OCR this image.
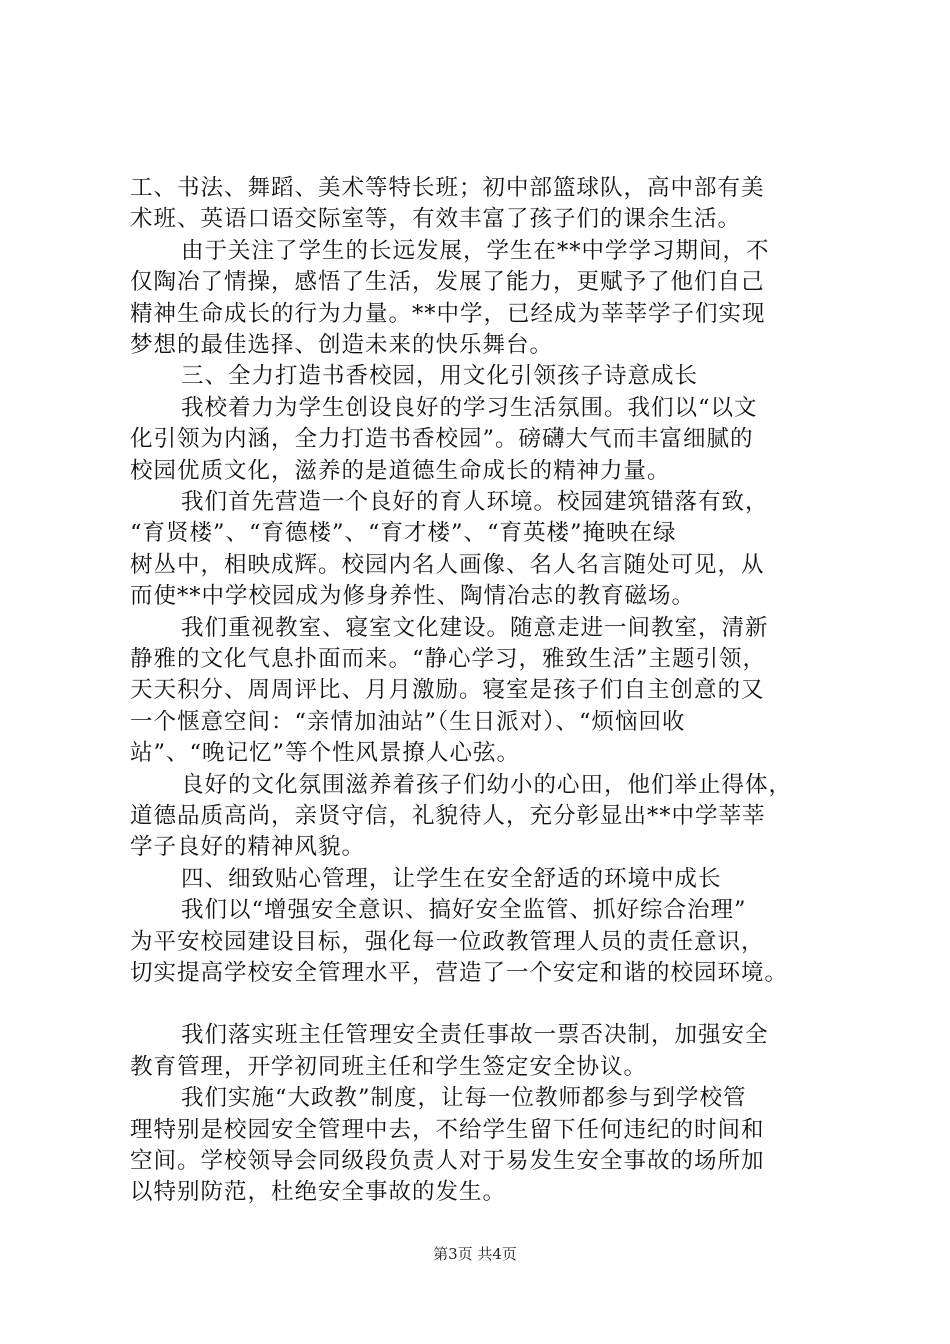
工、书法、舞蹈、美术等特长班；初中部篮球队，高中部有美
术班、英语口语交际室等，有效丰富了孩子们的课余生活。
由于关注了学生的长远发展，学生在**中学学习期间，不
仅陶冶了情操，感悟了生活，发展了能力，更赋予了他们自己
精神生命成长的行为力量。**中学，已经成为莘莘学子们实现
梦想的最佳选择、创造未来的快乐舞台。
三、全力打造书香校园，用文化引领孩子诗意成长
我校着力为学生创设良好的学习生活氛围。我们以“以文
化引领为内涵，全力打造书香校园”。磅礴大气而丰富细腻的
校园优质文化，滋养的是道德生命成长的精神力量。
我们首先营造一个良好的育人环境。校园建筑错落有致，
“育贤楼”、“育德楼”、“育才楼”、“育英楼”掩映在绿
树丛中，相映成辉。校园内名人画像、名人名言随处可见，从
而使**中学校园成为修身养性、陶情冶志的教育磁场。
我们重视教室、寝室文化建设。随意走进一间教室，清新
静雅的文化气息扑面而来。“静心学习，雅致生活”主题引领，
天天积分、周周评比、月月激励。寝室是孩子们自主创意的又
一个惬意空间：“亲情加油站”（生日派对）、“烦恼回收
站”、“晚记忆”等个性风景撩人心弦。
良好的文化氛围滋养着孩子们幼小的心田，他们举止得体，
道德品质高尚，亲贤守信，礼貌待人，充分彰显出**中学莘莘
学子良好的精神风貌。
四、细致贴心管理，让学生在安全舒适的环境中成长
我们以“增强安全意识、搞好安全监管、抓好综合治理”
为平安校园建设目标，强化每一位政教管理人员的责任意识，
切实提高学校安全管理水平，营造了一个安定和谐的校园环境。
我们落实班主任管理安全责任事故一票否决制，加强安全
教育管理，开学初同班主任和学生签定安全协议。
我们实施“大政教”制度，让每一位教师都参与到学校管
理特别是校园安全管理中去，不给学生留下任何违纪的时间和
空间。学校领导会同级段负责人对于易发生安全事故的场所加
以特别防范，杜绝安全事故的发生。
第3页 共4页
